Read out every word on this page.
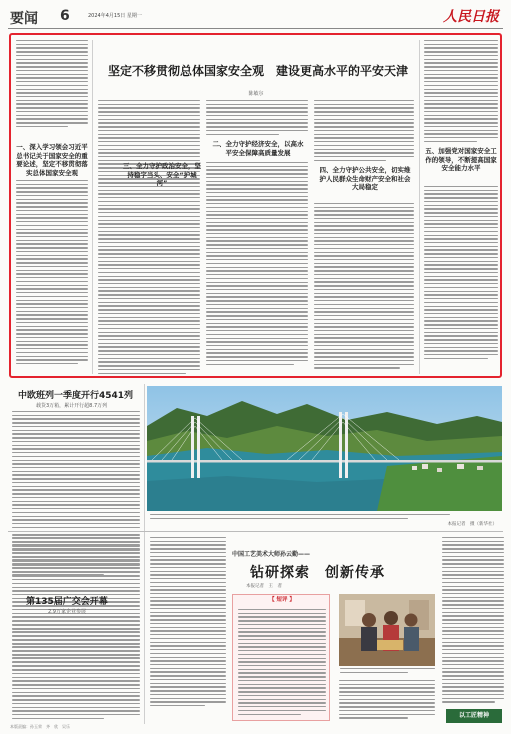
要闻 6	2024年4月15日 星期一	人民日报
坚定不移贯彻总体国家安全观　建设更高水平的平安天津
陈敏尔
一、深入学习领会习近平总书记关于国家安全的重要论述，坚定不移贯彻落实总体国家安全观
二、全力守护经济安全，以高水平安全保障高质量发展
四、全力守护公共安全，切实维护人民群众生命财产安全和社会大局稳定
三、全力守护政治安全，坚持稳字当头、安全“护城河”
五、加强党对国家安全工作的领导，不断提高国家安全能力水平
中欧班列一季度开行4541列
载货3万箱，累计开行超8.7万列
本报记者　摄（新华社）
第135届广交会开幕
2.9万家企业参展
中国工艺美术大师孙云勤——
钻研探索　创新传承
本报记者　王　者
【 短评 】
以工匠精神
本版责编：孙玉荣　齐　欣　吴乐
